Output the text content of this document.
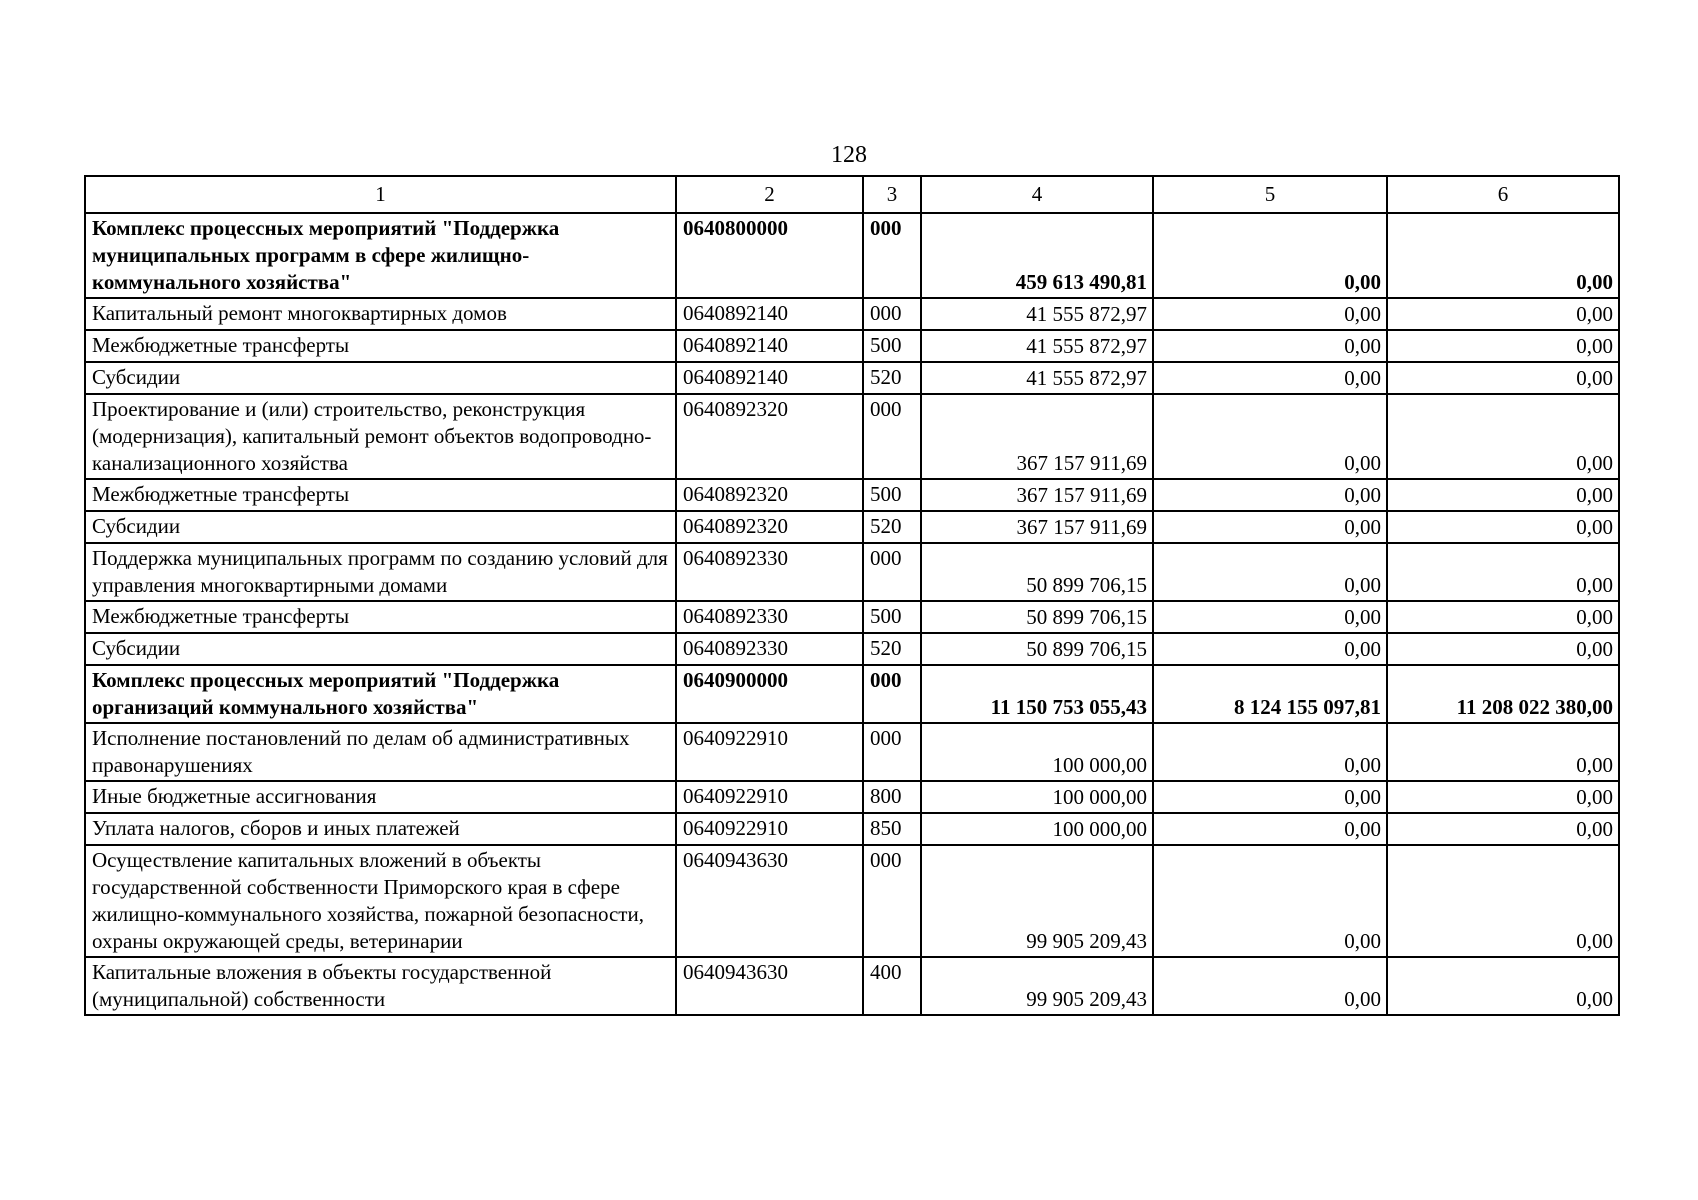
128
1	2	3	4	5	6
Комплекс процессных мероприятий "Поддержка муниципальных программ в сфере жилищно-коммунального хозяйства"	0640800000	000	459 613 490,81	0,00	0,00
Капитальный ремонт многоквартирных домов	0640892140	000	41 555 872,97	0,00	0,00
Межбюджетные трансферты	0640892140	500	41 555 872,97	0,00	0,00
Субсидии	0640892140	520	41 555 872,97	0,00	0,00
Проектирование и (или) строительство, реконструкция (модернизация), капитальный ремонт объектов водопроводно-канализационного хозяйства	0640892320	000	367 157 911,69	0,00	0,00
Межбюджетные трансферты	0640892320	500	367 157 911,69	0,00	0,00
Субсидии	0640892320	520	367 157 911,69	0,00	0,00
Поддержка муниципальных программ по созданию условий для управления многоквартирными домами	0640892330	000	50 899 706,15	0,00	0,00
Межбюджетные трансферты	0640892330	500	50 899 706,15	0,00	0,00
Субсидии	0640892330	520	50 899 706,15	0,00	0,00
Комплекс процессных мероприятий "Поддержка организаций коммунального хозяйства"	0640900000	000	11 150 753 055,43	8 124 155 097,81	11 208 022 380,00
Исполнение постановлений по делам об административных правонарушениях	0640922910	000	100 000,00	0,00	0,00
Иные бюджетные ассигнования	0640922910	800	100 000,00	0,00	0,00
Уплата налогов, сборов и иных платежей	0640922910	850	100 000,00	0,00	0,00
Осуществление капитальных вложений в объекты государственной собственности Приморского края в сфере жилищно-коммунального хозяйства, пожарной безопасности, охраны окружающей среды, ветеринарии	0640943630	000	99 905 209,43	0,00	0,00
Капитальные вложения в объекты государственной (муниципальной) собственности	0640943630	400	99 905 209,43	0,00	0,00
